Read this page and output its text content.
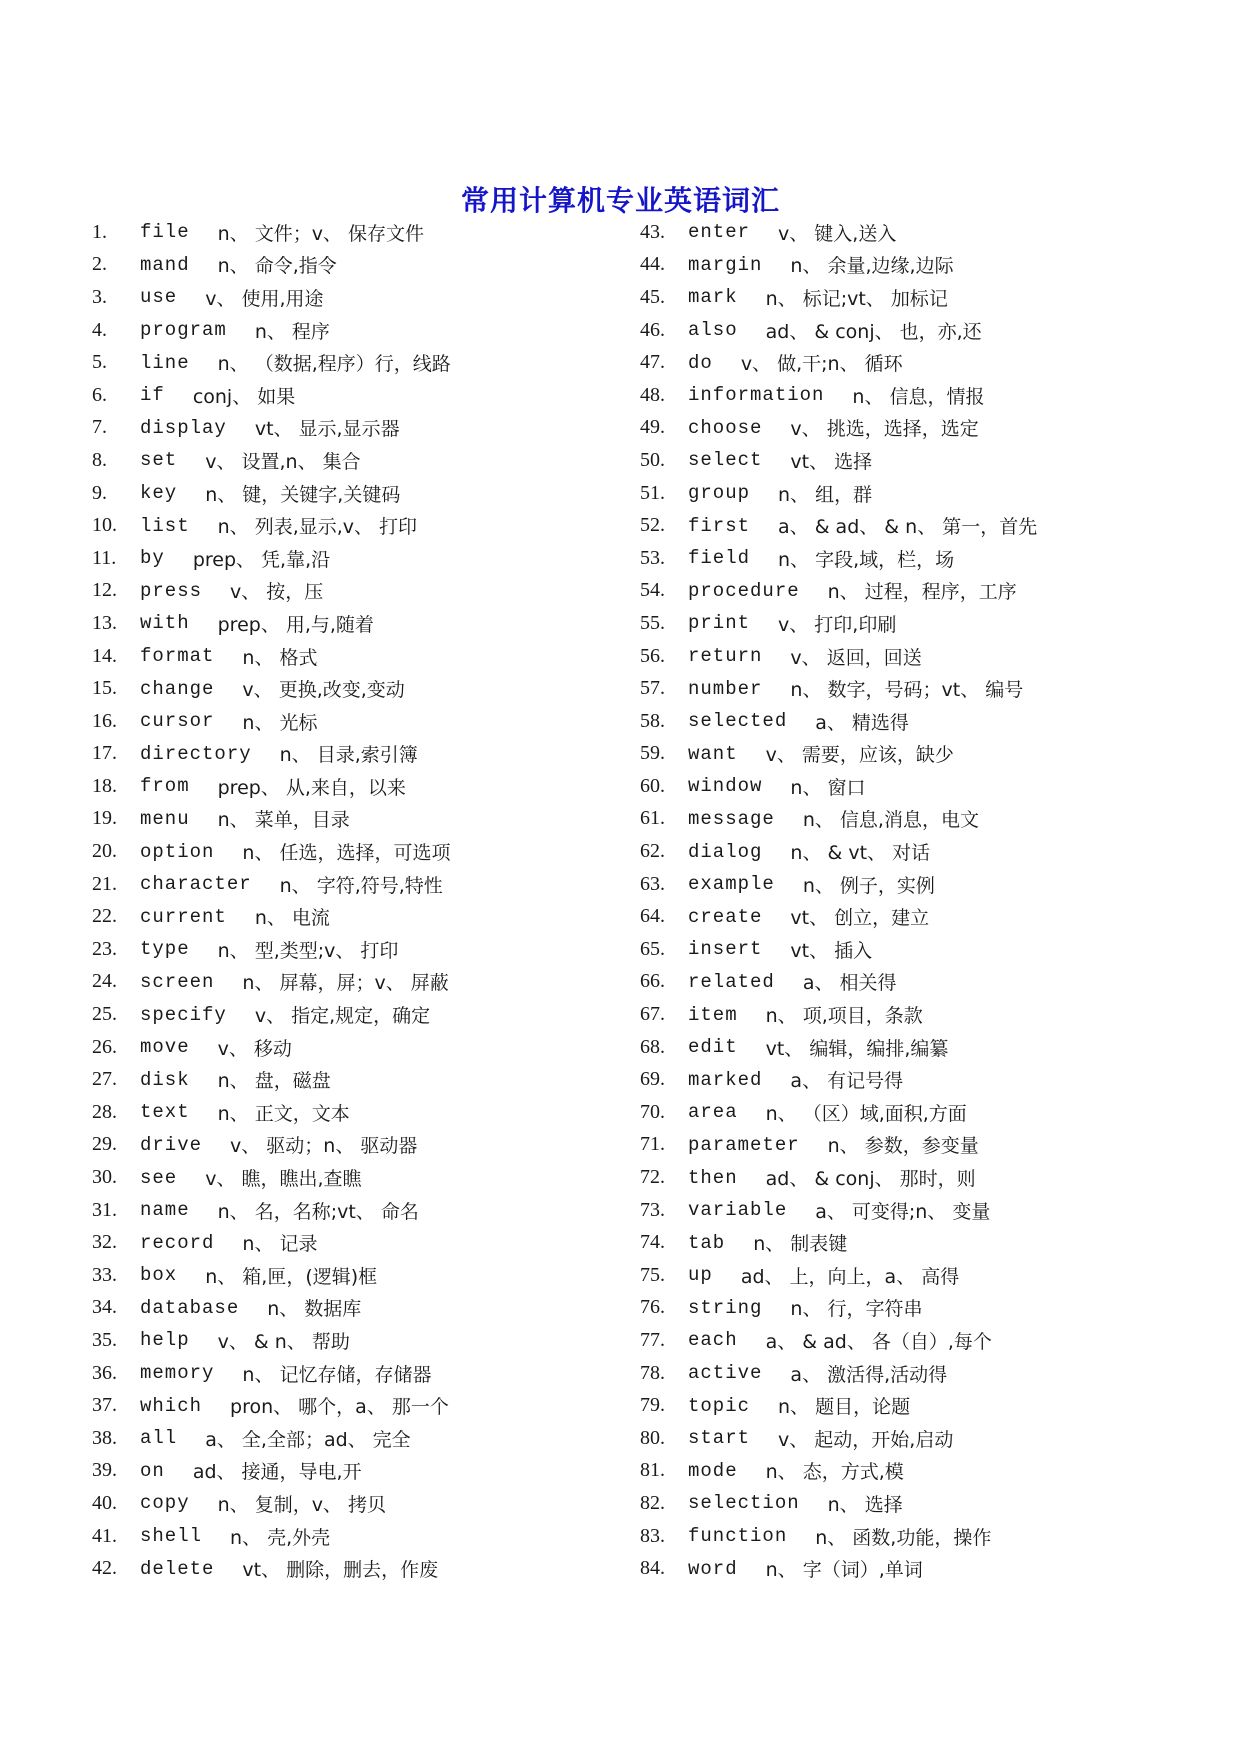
常用计算机专业英语词汇
1.	file n、 文件；v、 保存文件
2.	mand n、 命令,指令
3.	use v、 使用,用途
4.	program n、 程序
5.	line n、 （数据,程序）行，线路
6.	if conj、 如果
7.	display vt、 显示,显示器
8.	set v、 设置,n、 集合
9.	key n、 键，关键字,关键码
10.	list n、 列表,显示,v、 打印
11.	by prep、 凭,靠,沿
12.	press v、 按，压
13.	with prep、 用,与,随着
14.	format n、 格式
15.	change v、 更换,改变,变动
16.	cursor n、 光标
17.	directory n、 目录,索引簿
18.	from prep、 从,来自，以来
19.	menu n、 菜单，目录
20.	option n、 任选，选择，可选项
21.	character n、 字符,符号,特性
22.	current n、 电流
23.	type n、 型,类型;v、 打印
24.	screen n、 屏幕，屏；v、 屏蔽
25.	specify v、 指定,规定，确定
26.	move v、 移动
27.	disk n、 盘，磁盘
28.	text n、 正文，文本
29.	drive v、 驱动；n、 驱动器
30.	see v、 瞧，瞧出,查瞧
31.	name n、 名，名称;vt、 命名
32.	record n、 记录
33.	box n、 箱,匣，(逻辑)框
34.	database n、 数据库
35.	help v、 & n、 帮助
36.	memory n、 记忆存储，存储器
37.	which pron、 哪个，a、 那一个
38.	all a、 全,全部；ad、 完全
39.	on ad、 接通，导电,开
40.	copy n、 复制，v、 拷贝
41.	shell n、 壳,外壳
42.	delete vt、 删除，删去，作废
43.	enter v、 键入,送入
44.	margin n、 余量,边缘,边际
45.	mark n、 标记;vt、 加标记
46.	also ad、 & conj、 也，亦,还
47.	do v、 做,干;n、 循环
48.	information n、 信息，情报
49.	choose v、 挑选，选择，选定
50.	select vt、 选择
51.	group n、 组，群
52.	first a、 & ad、 & n、 第一，首先
53.	field n、 字段,域，栏，场
54.	procedure n、 过程，程序，工序
55.	print v、 打印,印刷
56.	return v、 返回，回送
57.	number n、 数字，号码；vt、 编号
58.	selected a、 精选得
59.	want v、 需要，应该，缺少
60.	window n、 窗口
61.	message n、 信息,消息，电文
62.	dialog n、 & vt、 对话
63.	example n、 例子，实例
64.	create vt、 创立，建立
65.	insert vt、 插入
66.	related a、 相关得
67.	item n、 项,项目，条款
68.	edit vt、 编辑，编排,编纂
69.	marked a、 有记号得
70.	area n、 （区）域,面积,方面
71.	parameter n、 参数，参变量
72.	then ad、 & conj、 那时，则
73.	variable a、 可变得;n、 变量
74.	tab n、 制表键
75.	up ad、 上，向上，a、 高得
76.	string n、 行，字符串
77.	each a、 & ad、 各（自）,每个
78.	active a、 激活得,活动得
79.	topic n、 题目，论题
80.	start v、 起动，开始,启动
81.	mode n、 态，方式,模
82.	selection n、 选择
83.	function n、 函数,功能，操作
84.	word n、 字（词）,单词
